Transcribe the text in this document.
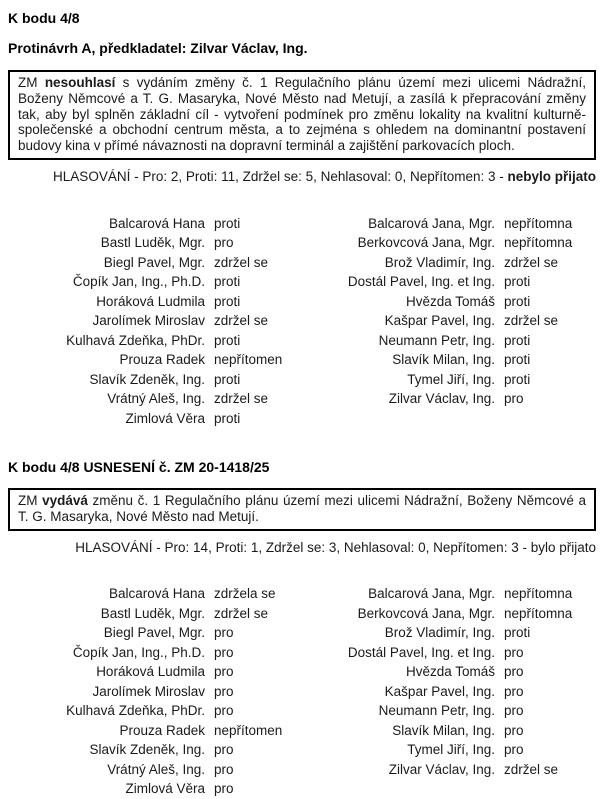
K bodu 4/8
Protinávrh A, předkladatel: Zilvar Václav, Ing.
ZM nesouhlasí s vydáním změny č. 1 Regulačního plánu území mezi ulicemi Nádražní, Boženy Němcové a T. G. Masaryka, Nové Město nad Metují, a zasílá k přepracování změny tak, aby byl splněn základní cíl - vytvoření podmínek pro změnu lokality na kvalitní kulturně-společenské a obchodní centrum města, a to zejména s ohledem na dominantní postavení budovy kina v přímé návaznosti na dopravní terminál a zajištění parkovacích ploch.
HLASOVÁNÍ - Pro: 2, Proti: 11, Zdržel se: 5, Nehlasoval: 0, Nepřítomen: 3 - nebylo přijato
Balcarová Hana proti
Bastl Luděk, Mgr. pro
Biegl Pavel, Mgr. zdržel se
Čopík Jan, Ing., Ph.D. proti
Horáková Ludmila proti
Jarolímek Miroslav zdržel se
Kulhavá Zdeňka, PhDr. proti
Prouza Radek nepřítomen
Slavík Zdeněk, Ing. proti
Vrátný Aleš, Ing. zdržel se
Zimlová Věra proti
Balcarová Jana, Mgr. nepřítomna
Berkovcová Jana, Mgr. nepřítomna
Brož Vladimír, Ing. zdržel se
Dostál Pavel, Ing. et Ing. proti
Hvězda Tomáš proti
Kašpar Pavel, Ing. zdržel se
Neumann Petr, Ing. proti
Slavík Milan, Ing. proti
Tymel Jiří, Ing. proti
Zilvar Václav, Ing. pro
K bodu 4/8 USNESENÍ č. ZM 20-1418/25
ZM vydává změnu č. 1 Regulačního plánu území mezi ulicemi Nádražní, Boženy Němcové a T. G. Masaryka, Nové Město nad Metují.
HLASOVÁNÍ - Pro: 14, Proti: 1, Zdržel se: 3, Nehlasoval: 0, Nepřítomen: 3 - bylo přijato
Balcarová Hana zdržela se
Bastl Luděk, Mgr. zdržel se
Biegl Pavel, Mgr. pro
Čopík Jan, Ing., Ph.D. pro
Horáková Ludmila pro
Jarolímek Miroslav pro
Kulhavá Zdeňka, PhDr. pro
Prouza Radek nepřítomen
Slavík Zdeněk, Ing. pro
Vrátný Aleš, Ing. pro
Zimlová Věra pro
Balcarová Jana, Mgr. nepřítomna
Berkovcová Jana, Mgr. nepřítomna
Brož Vladimír, Ing. proti
Dostál Pavel, Ing. et Ing. pro
Hvězda Tomáš pro
Kašpar Pavel, Ing. pro
Neumann Petr, Ing. pro
Slavík Milan, Ing. pro
Tymel Jiří, Ing. pro
Zilvar Václav, Ing. zdržel se
